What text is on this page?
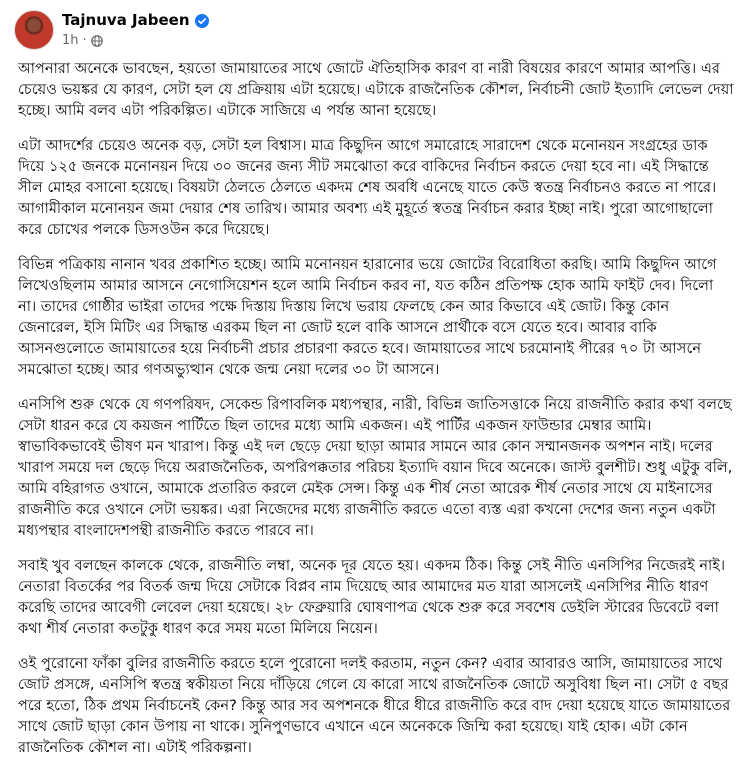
Tajnuva Jabeen
1h ·

আপনারা অনেকে ভাবছেন, হয়তো জামায়াতের সাথে জোটে ঐতিহাসিক কারণ বা নারী বিষয়ের কারণে আমার আপত্তি। এর চেয়েও ভয়ঙ্কর যে কারণ, সেটা হল যে প্রক্রিয়ায় এটা হয়েছে। এটাকে রাজনৈতিক কৌশল, নির্বাচনী জোট ইত্যাদি লেভেল দেয়া হচ্ছে। আমি বলব এটা পরিকল্পিত। এটাকে সাজিয়ে এ পর্যন্ত আনা হয়েছে।

এটা আদর্শের চেয়েও অনেক বড়, সেটা হল বিশ্বাস। মাত্র কিছুদিন আগে সমারোহে সারাদেশ থেকে মনোনয়ন সংগ্রহের ডাক দিয়ে ১২৫ জনকে মনোনয়ন দিয়ে ৩০ জনের জন্য সীট সমঝোতা করে বাকিদের নির্বাচন করতে দেয়া হবে না। এই সিদ্ধান্তে সীল মোহর বসানো হয়েছে। বিষয়টা ঠেলতে ঠেলতে একদম শেষ অবধি এনেছে যাতে কেউ স্বতন্ত্র নির্বাচনও করতে না পারে। আগামীকাল মনোনয়ন জমা দেয়ার শেষ তারিখ। আমার অবশ্য এই মুহূর্তে স্বতন্ত্র নির্বাচন করার ইচ্ছা নাই। পুরো আগোছালো করে চোখের পলকে ডিসওউন করে দিয়েছে।

বিভিন্ন পত্রিকায় নানান খবর প্রকাশিত হচ্ছে। আমি মনোনয়ন হারানোর ভয়ে জোটের বিরোধিতা করছি। আমি কিছুদিন আগে লিখেওছিলাম আমার আসনে নেগোসিয়েশন হলে আমি নির্বাচন করব না, যত কঠিন প্রতিপক্ষ হোক আমি ফাইট দেব। দিলো না। তাদের গোষ্ঠীর ভাইরা তাদের পক্ষে দিস্তায় দিস্তায় লিখে ভরায় ফেলছে কেন আর কিভাবে এই জোট। কিন্তু কোন জেনারেল, ইসি মিটিং এর সিদ্ধান্ত এরকম ছিল না জোট হলে বাকি আসনে প্রার্থীকে বসে যেতে হবে। আবার বাকি আসনগুলোতে জামায়াতের হয়ে নির্বাচনী প্রচার প্রচারণা করতে হবে। জামায়াতের সাথে চরমোনাই পীরের ৭০ টা আসনে সমঝোতা হচ্ছে। আর গণঅভ্যুত্থান থেকে জন্ম নেয়া দলের ৩০ টা আসনে।

এনসিপি শুরু থেকে যে গণপরিষদ, সেকেন্ড রিপাবলিক মধ্যপন্থার, নারী, বিভিন্ন জাতিসত্তাকে নিয়ে রাজনীতি করার কথা বলছে সেটা ধারন করে যে কয়জন পার্টিতে ছিল তাদের মধ্যে আমি একজন। এই পার্টির একজন ফাউন্ডার মেম্বার আমি। স্বাভাবিকভাবেই ভীষণ মন খারাপ। কিন্তু এই দল ছেড়ে দেয়া ছাড়া আমার সামনে আর কোন সম্মানজনক অপশন নাই। দলের খারাপ সময়ে দল ছেড়ে দিয়ে অরাজনৈতিক, অপরিপক্কতার পরিচয় ইত্যাদি বয়ান দিবে অনেকে। জাস্ট বুলশীট। শুধু এটুকু বলি, আমি বহিরাগত ওখানে, আমাকে প্রতারিত করলে মেইক সেন্স। কিন্তু এক শীর্ষ নেতা আরেক শীর্ষ নেতার সাথে যে মাইনাসের রাজনীতি করে ওখানে সেটা ভয়ঙ্কর। এরা নিজেদের মধ্যে রাজনীতি করতে এতো ব্যস্ত এরা কখনো দেশের জন্য নতুন একটা মধ্যপন্থার বাংলাদেশপন্থী রাজনীতি করতে পারবে না।

সবাই খুব বলছেন কালকে থেকে, রাজনীতি লম্বা, অনেক দূর যেতে হয়। একদম ঠিক। কিন্তু সেই নীতি এনসিপির নিজেরই নাই। নেতারা বিতর্কের পর বিতর্ক জন্ম দিয়ে সেটাকে বিপ্লব নাম দিয়েছে আর আমাদের মত যারা আসলেই এনসিপির নীতি ধারণ করেছি তাদের আবেগী লেবেল দেয়া হয়েছে। ২৮ ফেব্রুয়ারি ঘোষণাপত্র থেকে শুরু করে সবশেষ ডেইলি স্টারের ডিবেটে বলা কথা শীর্ষ নেতারা কতটুকু ধারণ করে সময় মতো মিলিয়ে নিয়েন।

ওই পুরোনো ফাঁকা বুলির রাজনীতি করতে হলে পুরোনো দলই করতাম, নতুন কেন? এবার আবারও আসি, জামায়াতের সাথে জোট প্রসঙ্গে, এনসিপি স্বতন্ত্র স্বকীয়তা নিয়ে দাঁড়িয়ে গেলে যে কারো সাথে রাজনৈতিক জোটে অসুবিধা ছিল না। সেটা ৫ বছর পরে হতো, ঠিক প্রথম নির্বাচনেই কেন? কিন্তু আর সব অপশনকে ধীরে ধীরে রাজনীতি করে বাদ দেয়া হয়েছে যাতে জামায়াতের সাথে জোট ছাড়া কোন উপায় না থাকে। সুনিপুণভাবে এখানে এনে অনেককে জিম্মি করা হয়েছে। যাই হোক। এটা কোন রাজনৈতিক কৌশল না। এটাই পরিকল্পনা।
